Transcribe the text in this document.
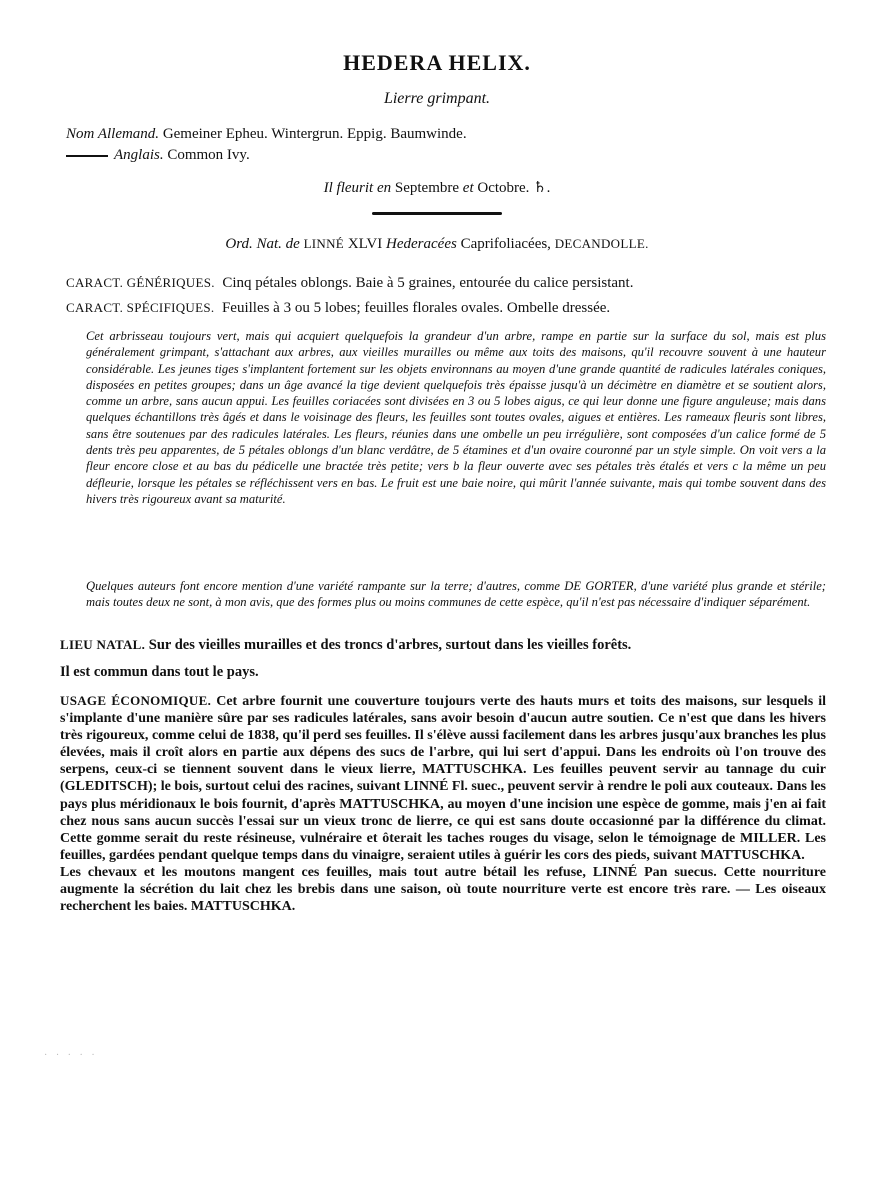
HEDERA HELIX.
Lierre grimpant.
Nom Allemand. Gemeiner Epheu. Wintergrun. Eppig. Baumwinde.
Anglais. Common Ivy.
Il fleurit en Septembre et Octobre. ♄.
Ord. Nat. de LINNÉ XLVI Hederacées Caprifoliacées, DECANDOLLE.
CARACT. GÉNÉRIQUES. Cinq pétales oblongs. Baie à 5 graines, entourée du calice persistant.
CARACT. SPÉCIFIQUES. Feuilles à 3 ou 5 lobes; feuilles florales ovales. Ombelle dressée.

Cet arbrisseau toujours vert, mais qui acquiert quelquefois la grandeur d'un arbre, rampe en partie sur la surface du sol, mais est plus généralement grimpant, s'attachant aux arbres, aux vieilles murailles ou même aux toits des maisons, qu'il recouvre souvent à une hauteur considérable. Les jeunes tiges s'implantent fortement sur les objets environnans au moyen d'une grande quantité de radicules latérales coniques, disposées en petites groupes; dans un âge avancé la tige devient quelquefois très épaisse jusqu'à un décimètre en diamètre et se soutient alors, comme un arbre, sans aucun appui. Les feuilles coriacées sont divisées en 3 ou 5 lobes aigus, ce qui leur donne une figure anguleuse; mais dans quelques échantillons très âgés et dans le voisinage des fleurs, les feuilles sont toutes ovales, aigues et entières. Les rameaux fleuris sont libres, sans être soutenues par des radicules latérales. Les fleurs, réunies dans une ombelle un peu irrégulière, sont composées d'un calice formé de 5 dents très peu apparentes, de 5 pétales oblongs d'un blanc verdâtre, de 5 étamines et d'un ovaire couronné par un style simple. On voit vers a la fleur encore close et au bas du pédicelle une bractée très petite; vers b la fleur ouverte avec ses pétales très étalés et vers c la même un peu défleurie, lorsque les pétales se réfléchissent vers en bas. Le fruit est une baie noire, qui mûrit l'année suivante, mais qui tombe souvent dans des hivers très rigoureux avant sa maturité.

Quelques auteurs font encore mention d'une variété rampante sur la terre; d'autres, comme DE GORTER, d'une variété plus grande et stérile; mais toutes deux ne sont, à mon avis, que des formes plus ou moins communes de cette espèce, qu'il n'est pas nécessaire d'indiquer séparément.

LIEU NATAL. Sur des vieilles murailles et des troncs d'arbres, surtout dans les vieilles forêts.
Il est commun dans tout le pays.

USAGE ÉCONOMIQUE. Cet arbre fournit une couverture toujours verte des hauts murs et toits des maisons, sur lesquels il s'implante d'une manière sûre par ses radicules latérales, sans avoir besoin d'aucun autre soutien. Ce n'est que dans les hivers très rigoureux, comme celui de 1838, qu'il perd ses feuilles. Il s'élève aussi facilement dans les arbres jusqu'aux branches les plus élevées, mais il croît alors en partie aux dépens des sucs de l'arbre, qui lui sert d'appui. Dans les endroits où l'on trouve des serpens, ceux-ci se tiennent souvent dans le vieux lierre, MATTUSCHKA. Les feuilles peuvent servir au tannage du cuir (GLEDITSCH); le bois, surtout celui des racines, suivant LINNÉ Fl. suec., peuvent servir à rendre le poli aux couteaux. Dans les pays plus méridionaux le bois fournit, d'après MATTUSCHKA, au moyen d'une incision une espèce de gomme, mais j'en ai fait chez nous sans aucun succès l'essai sur un vieux tronc de lierre, ce qui est sans doute occasionné par la différence du climat. Cette gomme serait du reste résineuse, vulnéraire et ôterait les taches rouges du visage, selon le témoignage de MILLER. Les feuilles, gardées pendant quelque temps dans du vinaigre, seraient utiles à guérir les cors des pieds, suivant MATTUSCHKA.
Les chevaux et les moutons mangent ces feuilles, mais tout autre bétail les refuse, LINNÉ Pan suecus. Cette nourriture augmente la sécrétion du lait chez les brebis dans une saison, où toute nourriture verte est encore très rare. — Les oiseaux recherchent les baies. MATTUSCHKA.

· · · · ·
